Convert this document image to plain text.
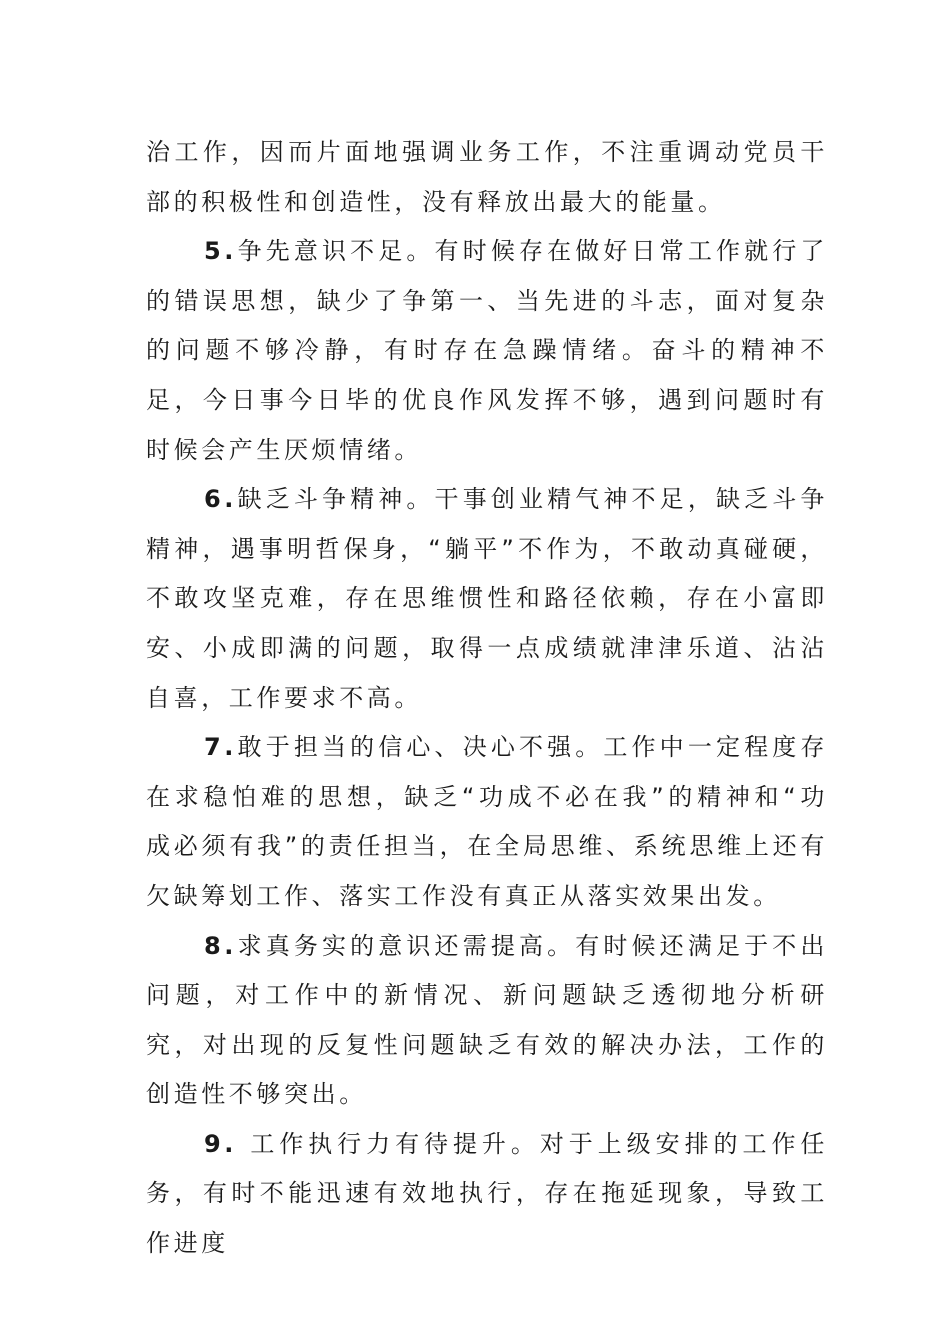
治工作，因而片面地强调业务工作，不注重调动党员干部的积极性和创造性，没有释放出最大的能量。

5.争先意识不足。有时候存在做好日常工作就行了的错误思想，缺少了争第一、当先进的斗志，面对复杂的问题不够冷静，有时存在急躁情绪。奋斗的精神不足，今日事今日毕的优良作风发挥不够，遇到问题时有时候会产生厌烦情绪。

6.缺乏斗争精神。干事创业精气神不足，缺乏斗争精神，遇事明哲保身，“躺平”不作为，不敢动真碰硬，不敢攻坚克难，存在思维惯性和路径依赖，存在小富即安、小成即满的问题，取得一点成绩就津津乐道、沾沾自喜，工作要求不高。

7.敢于担当的信心、决心不强。工作中一定程度存在求稳怕难的思想，缺乏“功成不必在我”的精神和“功成必须有我”的责任担当，在全局思维、系统思维上还有欠缺筹划工作、落实工作没有真正从落实效果出发。

8.求真务实的意识还需提高。有时候还满足于不出问题，对工作中的新情况、新问题缺乏透彻地分析研究，对出现的反复性问题缺乏有效的解决办法，工作的创造性不够突出。

9. 工作执行力有待提升。对于上级安排的工作任务，有时不能迅速有效地执行，存在拖延现象，导致工作进度
